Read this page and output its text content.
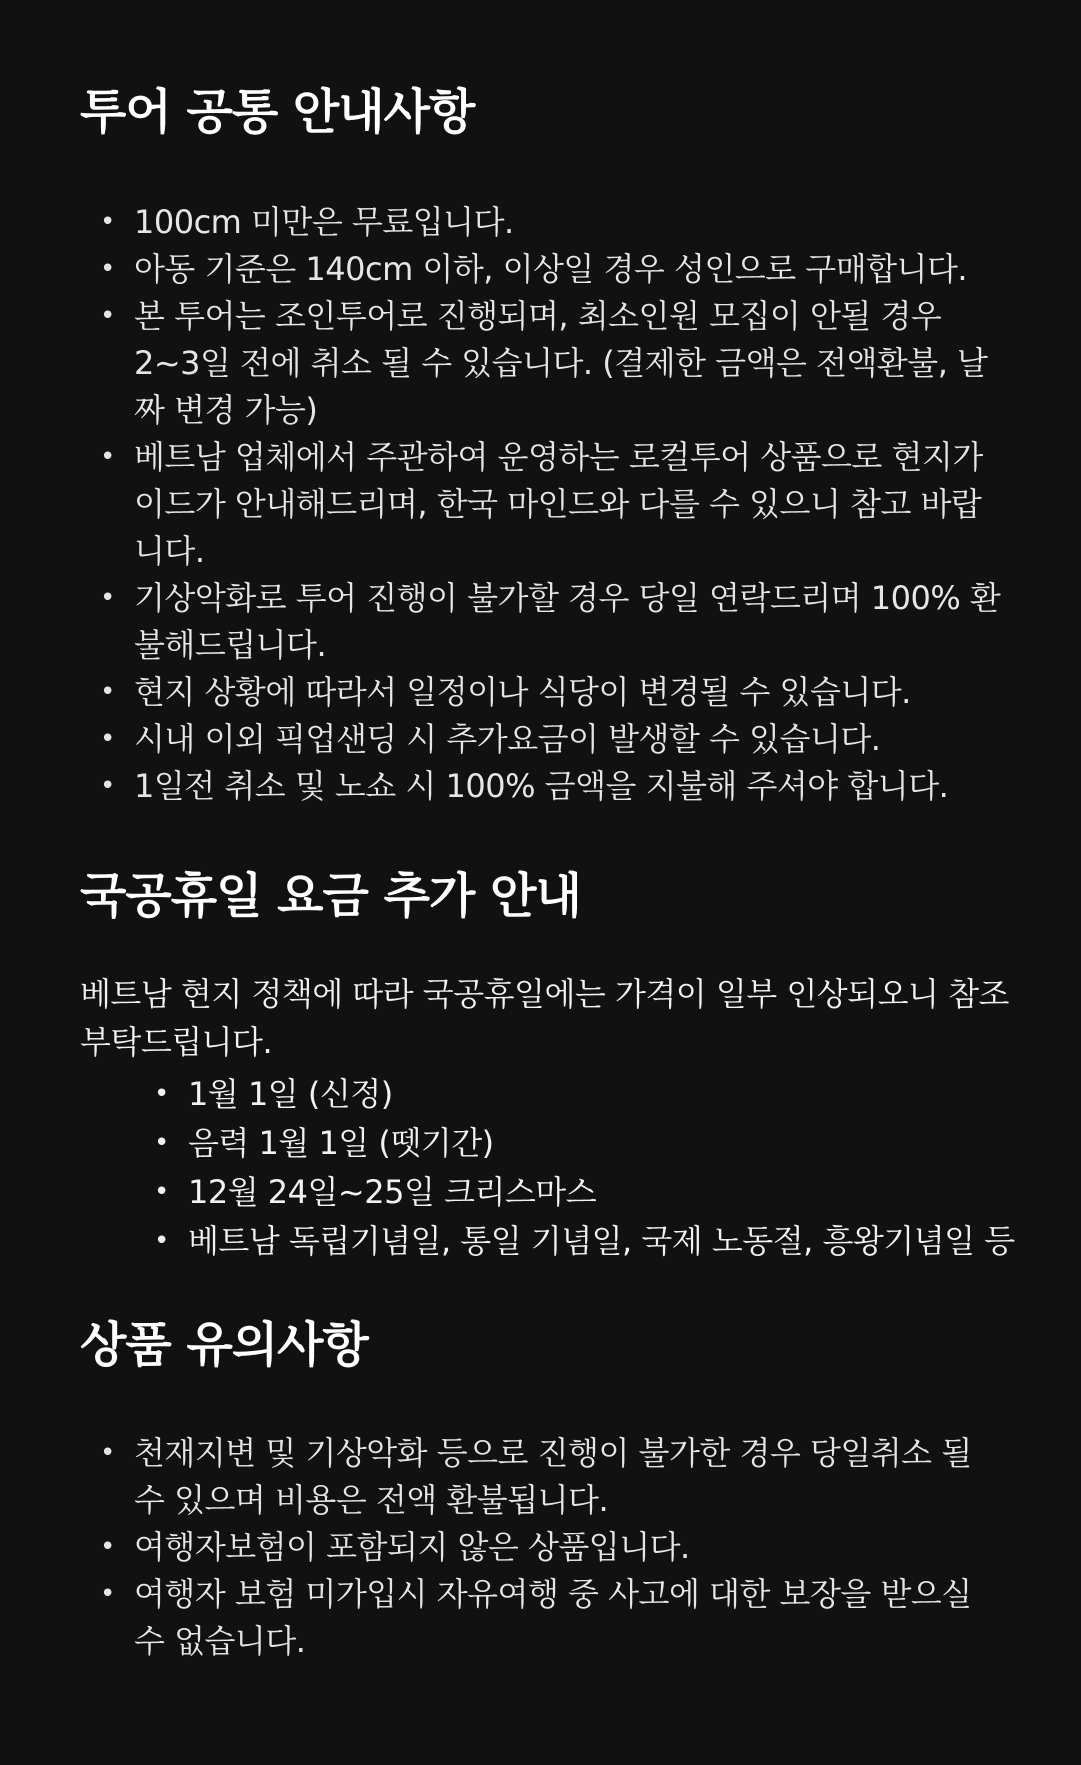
투어 공통 안내사항
• 100cm 미만은 무료입니다.
• 아동 기준은 140cm 이하, 이상일 경우 성인으로 구매합니다.
• 본 투어는 조인투어로 진행되며, 최소인원 모집이 안될 경우 2~3일 전에 취소 될 수 있습니다. (결제한 금액은 전액환불, 날짜 변경 가능)
• 베트남 업체에서 주관하여 운영하는 로컬투어 상품으로 현지가이드가 안내해드리며, 한국 마인드와 다를 수 있으니 참고 바랍니다.
• 기상악화로 투어 진행이 불가할 경우 당일 연락드리며 100% 환불해드립니다.
• 현지 상황에 따라서 일정이나 식당이 변경될 수 있습니다.
• 시내 이외 픽업샌딩 시 추가요금이 발생할 수 있습니다.
• 1일전 취소 및 노쇼 시 100% 금액을 지불해 주셔야 합니다.
국공휴일 요금 추가 안내

베트남 현지 정책에 따라 국공휴일에는 가격이 일부 인상되오니 참조 부탁드립니다.

• 1월 1일 (신정)
• 음력 1월 1일 (뗏기간)
• 12월 24일~25일 크리스마스
• 베트남 독립기념일, 통일 기념일, 국제 노동절, 흥왕기념일 등
상품 유의사항
• 천재지변 및 기상악화 등으로 진행이 불가한 경우 당일취소 될 수 있으며 비용은 전액 환불됩니다.
• 여행자보험이 포함되지 않은 상품입니다.
• 여행자 보험 미가입시 자유여행 중 사고에 대한 보장을 받으실 수 없습니다.
